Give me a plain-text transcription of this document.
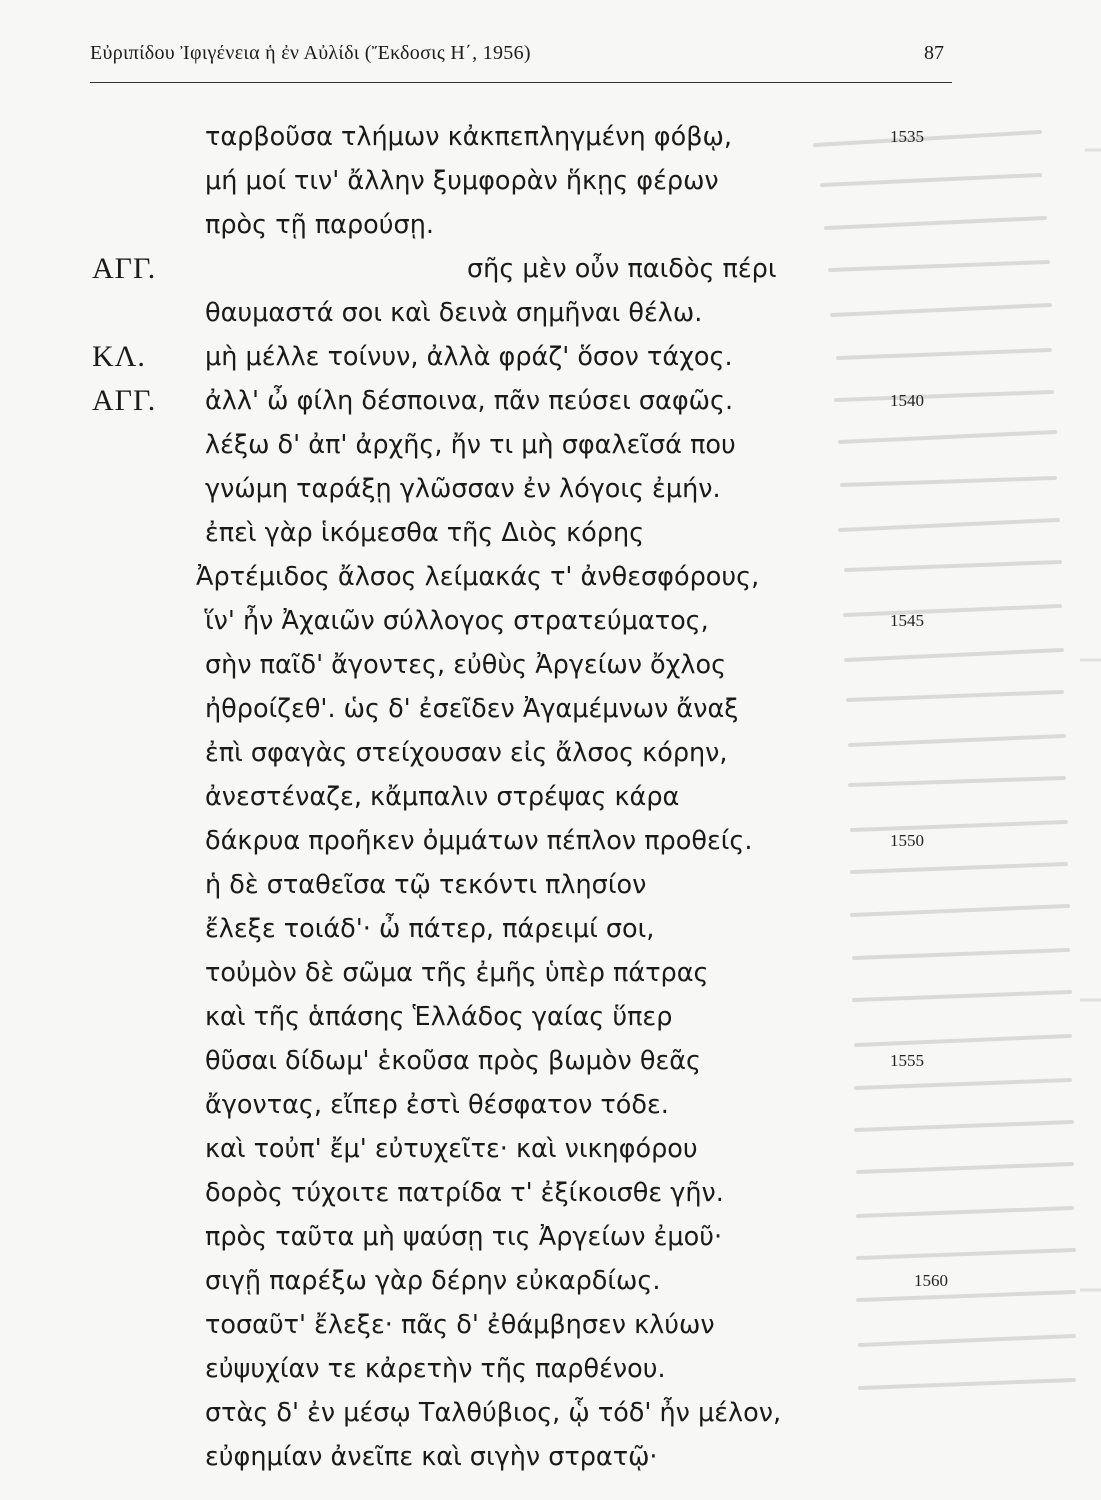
Εὐριπίδου Ἰφιγένεια ἡ ἐν Αὐλίδι (Ἔκδοσις Η΄, 1956)	87
ταρβοῦσα τλήμων κἀκπεπληγμένη φόβῳ,	1535
μή μοί τιν' ἄλλην ξυμφορὰν ἥκῃς φέρων
πρὸς τῇ παρούσῃ.
ΑΓΓ.	σῆς μὲν οὖν παιδὸς πέρι
θαυμαστά σοι καὶ δεινὰ σημῆναι θέλω.
ΚΛ. μὴ μέλλε τοίνυν, ἀλλὰ φράζ' ὅσον τάχος.
ΑΓΓ. ἀλλ' ὦ φίλη δέσποινα, πᾶν πεύσει σαφῶς.	1540
λέξω δ' ἀπ' ἀρχῆς, ἤν τι μὴ σφαλεῖσά που
γνώμη ταράξῃ γλῶσσαν ἐν λόγοις ἐμήν.
ἐπεὶ γὰρ ἱκόμεσθα τῆς Διὸς κόρης
Ἀρτέμιδος ἄλσος λείμακάς τ' ἀνθεσφόρους,
ἵν' ἦν Ἀχαιῶν σύλλογος στρατεύματος,	1545
σὴν παῖδ' ἄγοντες, εὐθὺς Ἀργείων ὄχλος
ἠθροίζεθ'. ὡς δ' ἐσεῖδεν Ἀγαμέμνων ἄναξ
ἐπὶ σφαγὰς στείχουσαν εἰς ἄλσος κόρην,
ἀνεστέναζε, κἄμπαλιν στρέψας κάρα
δάκρυα προῆκεν ὀμμάτων πέπλον προθείς.	1550
ἡ δὲ σταθεῖσα τῷ τεκόντι πλησίον
ἔλεξε τοιάδ'· ὦ πάτερ, πάρειμί σοι,
τοὐμὸν δὲ σῶμα τῆς ἐμῆς ὑπὲρ πάτρας
καὶ τῆς ἁπάσης Ἑλλάδος γαίας ὕπερ
θῦσαι δίδωμ' ἑκοῦσα πρὸς βωμὸν θεᾶς	1555
ἄγοντας, εἴπερ ἐστὶ θέσφατον τόδε.
καὶ τοὐπ' ἔμ' εὐτυχεῖτε· καὶ νικηφόρου
δορὸς τύχοιτε πατρίδα τ' ἐξίκοισθε γῆν.
πρὸς ταῦτα μὴ ψαύσῃ τις Ἀργείων ἐμοῦ·
σιγῇ παρέξω γὰρ δέρην εὐκαρδίως.	1560
τοσαῦτ' ἔλεξε· πᾶς δ' ἐθάμβησεν κλύων
εὐψυχίαν τε κἀρετὴν τῆς παρθένου.
στὰς δ' ἐν μέσῳ Ταλθύβιος, ᾧ τόδ' ἦν μέλον,
εὐφημίαν ἀνεῖπε καὶ σιγὴν στρατῷ·
